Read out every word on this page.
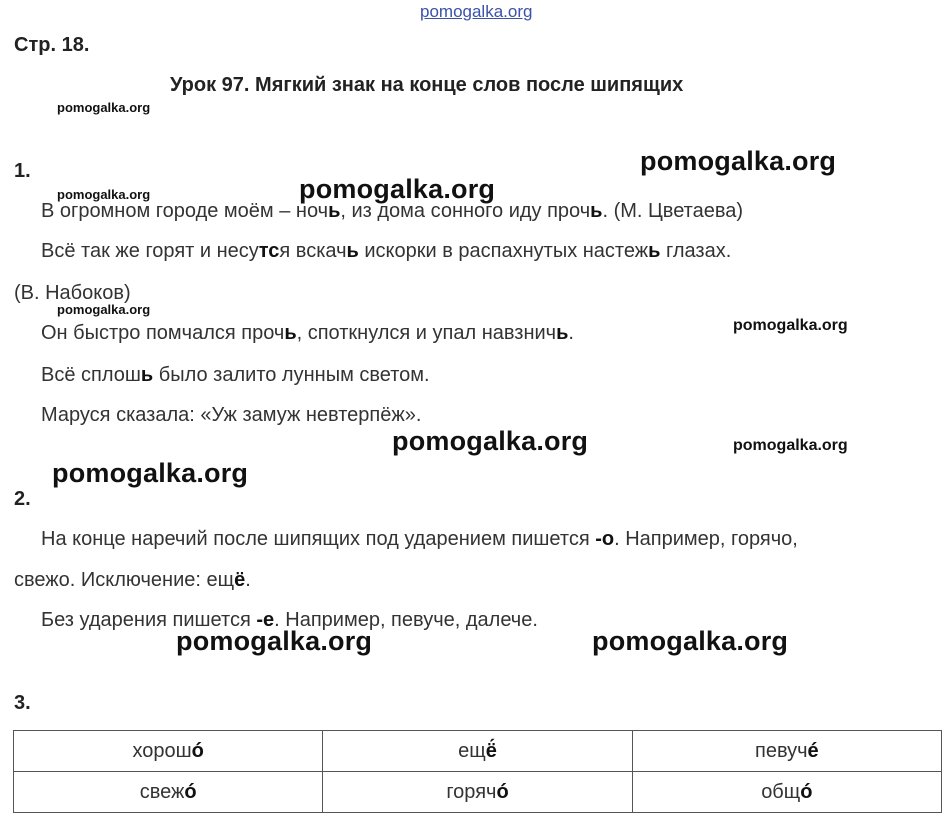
pomogalka.org
Стр. 18.
Урок 97. Мягкий знак на конце слов после шипящих
1.
В огромном городе моём – ночь, из дома сонного иду прочь. (М. Цветаева)
Всё так же горят и несутся вскачь искорки в распахнутых настежь глазах.
(В. Набоков)
Он быстро помчался прочь, споткнулся и упал навзничь.
Всё сплошь было залито лунным светом.
Маруся сказала: «Уж замуж невтерпёж».
2.
На конце наречий после шипящих под ударением пишется -о. Например, горячо,
свежо. Исключение: ещё.
Без ударения пишется -е. Например, певуче, далече.
3.
хорошó	ещё́	певучé
свежó	горячó	общó
pomogalka.org
pomogalka.org
pomogalka.org	pomogalka.org
pomogalka.org
pomogalka.org
pomogalka.org	pomogalka.org
pomogalka.org
pomogalka.org	pomogalka.org
